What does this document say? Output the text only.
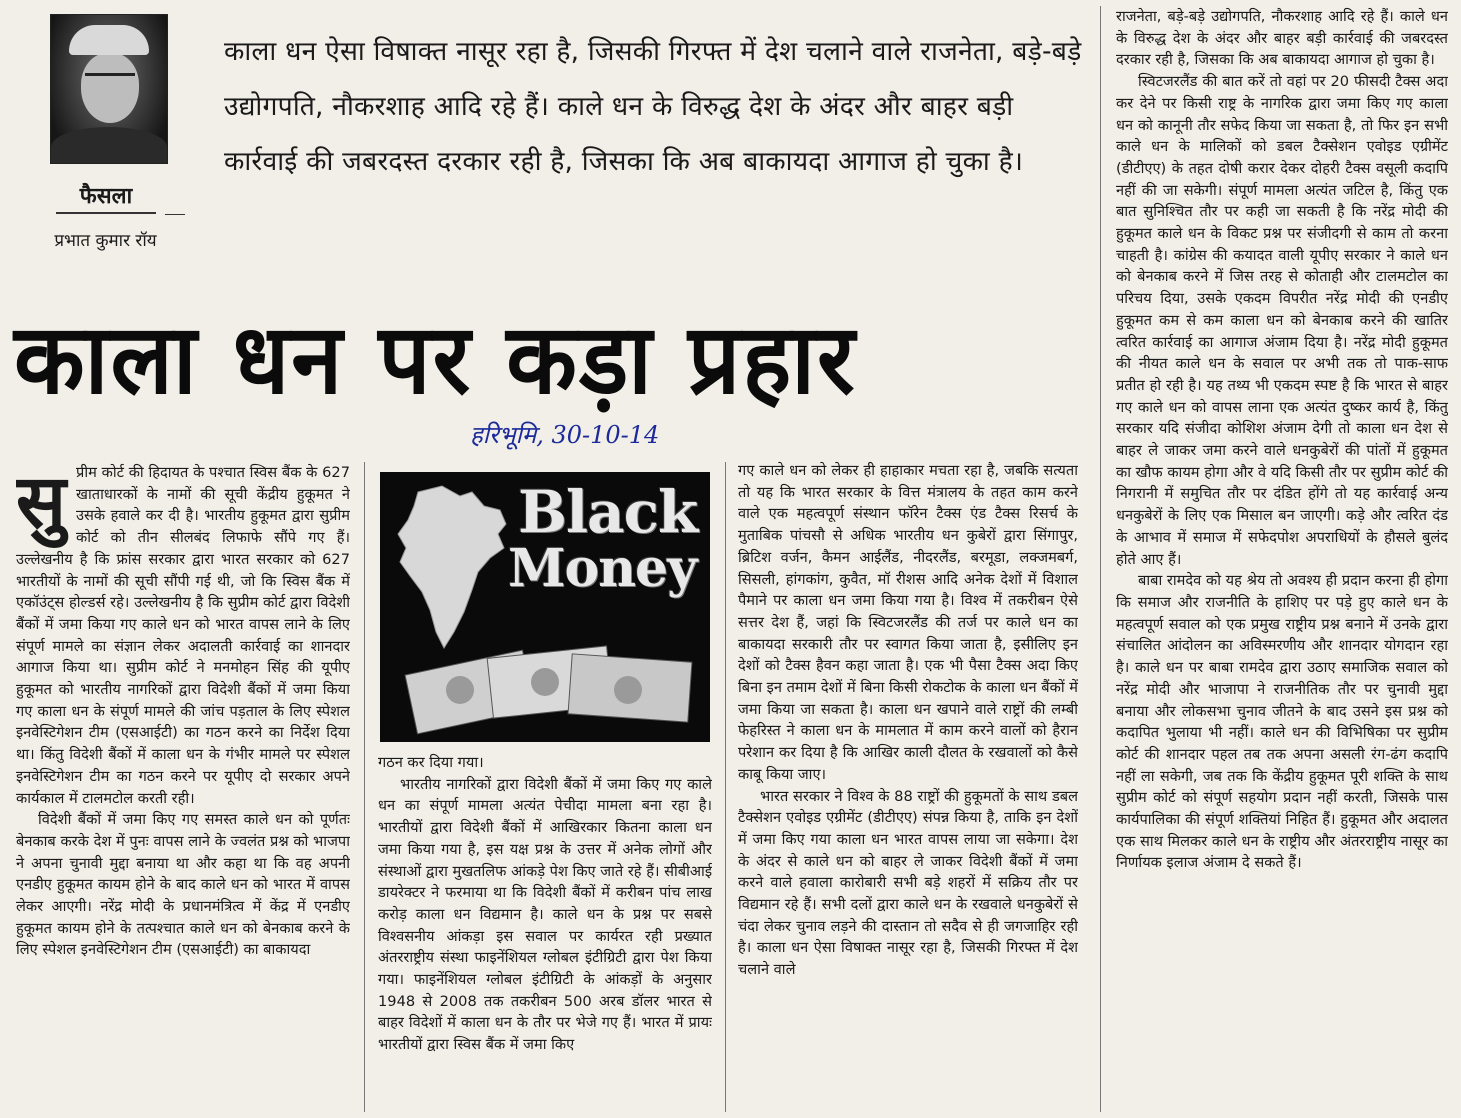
फैसला
प्रभात कुमार रॉय
काला धन ऐसा विषाक्त नासूर रहा है, जिसकी गिरफ्त में देश चलाने वाले राजनेता, बड़े-बड़े उद्योगपति, नौकरशाह आदि रहे हैं। काले धन के विरुद्ध देश के अंदर और बाहर बड़ी कार्रवाई की जबरदस्त दरकार रही है, जिसका कि अब बाकायदा आगाज हो चुका है।
काला धन पर कड़ा प्रहार
हरिभूमि, 30-10-14
Black
Money

सुप्रीम कोर्ट की हिदायत के पश्चात स्विस बैंक के 627 खाताधारकों के नामों की सूची केंद्रीय हुकूमत ने उसके हवाले कर दी है। भारतीय हुकूमत द्वारा सुप्रीम कोर्ट को तीन सीलबंद लिफाफे सौंपे गए हैं। उल्लेखनीय है कि फ्रांस सरकार द्वारा भारत सरकार को 627 भारतीयों के नामों की सूची सौंपी गई थी, जो कि स्विस बैंक में एकॉउंट्स होल्डर्स रहे। उल्लेखनीय है कि सुप्रीम कोर्ट द्वारा विदेशी बैंकों में जमा किया गए काले धन को भारत वापस लाने के लिए संपूर्ण मामले का संज्ञान लेकर अदालती कार्रवाई का शानदार आगाज किया था। सुप्रीम कोर्ट ने मनमोहन सिंह की यूपीए हुकूमत को भारतीय नागरिकों द्वारा विदेशी बैंकों में जमा किया गए काला धन के संपूर्ण मामले की जांच पड़ताल के लिए स्पेशल इनवेस्टिगेशन टीम (एसआईटी) का गठन करने का निर्देश दिया था। किंतु विदेशी बैंकों में काला धन के गंभीर मामले पर स्पेशल इनवेस्टिगेशन टीम का गठन करने पर यूपीए दो सरकार अपने कार्यकाल में टालमटोल करती रही।

विदेशी बैंकों में जमा किए गए समस्त काले धन को पूर्णतः बेनकाब करके देश में पुनः वापस लाने के ज्वलंत प्रश्न को भाजपा ने अपना चुनावी मुद्दा बनाया था और कहा था कि वह अपनी एनडीए हुकूमत कायम होने के बाद काले धन को भारत में वापस लेकर आएगी। नरेंद्र मोदी के प्रधानमंत्रित्व में केंद्र में एनडीए हुकूमत कायम होने के तत्पश्चात काले धन को बेनकाब करने के लिए स्पेशल इनवेस्टिगेशन टीम (एसआईटी) का बाकायदा

गठन कर दिया गया।

भारतीय नागरिकों द्वारा विदेशी बैंकों में जमा किए गए काले धन का संपूर्ण मामला अत्यंत पेचीदा मामला बना रहा है। भारतीयों द्वारा विदेशी बैंकों में आखिरकार कितना काला धन जमा किया गया है, इस यक्ष प्रश्न के उत्तर में अनेक लोगों और संस्थाओं द्वारा मुखतलिफ आंकड़े पेश किए जाते रहे हैं। सीबीआई डायरेक्टर ने फरमाया था कि विदेशी बैंकों में करीबन पांच लाख करोड़ काला धन विद्यमान है। काले धन के प्रश्न पर सबसे विश्वसनीय आंकड़ा इस सवाल पर कार्यरत रही प्रख्यात अंतरराष्ट्रीय संस्था फाइनेंशियल ग्लोबल इंटीग्रिटी द्वारा पेश किया गया। फाइनेंशियल ग्लोबल इंटीग्रिटी के आंकड़ों के अनुसार 1948 से 2008 तक तकरीबन 500 अरब डॉलर भारत से बाहर विदेशों में काला धन के तौर पर भेजे गए हैं। भारत में प्रायः भारतीयों द्वारा स्विस बैंक में जमा किए

गए काले धन को लेकर ही हाहाकार मचता रहा है, जबकि सत्यता तो यह कि भारत सरकार के वित्त मंत्रालय के तहत काम करने वाले एक महत्वपूर्ण संस्थान फॉरेन टैक्स एंड टैक्स रिसर्च के मुताबिक पांचसौ से अधिक भारतीय धन कुबेरों द्वारा सिंगापुर, ब्रिटिश वर्जन, कैमन आईलैंड, नीदरलैंड, बरमूडा, लक्जमबर्ग, सिसली, हांगकांग, कुवैत, मॉ रीशस आदि अनेक देशों में विशाल पैमाने पर काला धन जमा किया गया है। विश्व में तकरीबन ऐसे सत्तर देश हैं, जहां कि स्विटजरलैंड की तर्ज पर काले धन का बाकायदा सरकारी तौर पर स्वागत किया जाता है, इसीलिए इन देशों को टैक्स हैवन कहा जाता है। एक भी पैसा टैक्स अदा किए बिना इन तमाम देशों में बिना किसी रोकटोक के काला धन बैंकों में जमा किया जा सकता है। काला धन खपाने वाले राष्ट्रों की लम्बी फेहरिस्त ने काला धन के मामलात में काम करने वालों को हैरान परेशान कर दिया है कि आखिर काली दौलत के रखवालों को कैसे काबू किया जाए।

भारत सरकार ने विश्व के 88 राष्ट्रों की हुकूमतों के साथ डबल टैक्सेशन एवोइड एग्रीमेंट (डीटीएए) संपन्न किया है, ताकि इन देशों में जमा किए गया काला धन भारत वापस लाया जा सकेगा। देश के अंदर से काले धन को बाहर ले जाकर विदेशी बैंकों में जमा करने वाले हवाला कारोबारी सभी बड़े शहरों में सक्रिय तौर पर विद्यमान रहे हैं। सभी दलों द्वारा काले धन के रखवाले धनकुबेरों से चंदा लेकर चुनाव लड़ने की दास्तान तो सदैव से ही जगजाहिर रही है। काला धन ऐसा विषाक्त नासूर रहा है, जिसकी गिरफ्त में देश चलाने वाले

राजनेता, बड़े-बड़े उद्योगपति, नौकरशाह आदि रहे हैं। काले धन के विरुद्ध देश के अंदर और बाहर बड़ी कार्रवाई की जबरदस्त दरकार रही है, जिसका कि अब बाकायदा आगाज हो चुका है।

स्विटजरलैंड की बात करें तो वहां पर 20 फीसदी टैक्स अदा कर देने पर किसी राष्ट्र के नागरिक द्वारा जमा किए गए काला धन को कानूनी तौर सफेद किया जा सकता है, तो फिर इन सभी काले धन के मालिकों को डबल टैक्सेशन एवोइड एग्रीमेंट (डीटीएए) के तहत दोषी करार देकर दोहरी टैक्स वसूली कदापि नहीं की जा सकेगी। संपूर्ण मामला अत्यंत जटिल है, किंतु एक बात सुनिश्चित तौर पर कही जा सकती है कि नरेंद्र मोदी की हुकूमत काले धन के विकट प्रश्न पर संजीदगी से काम तो करना चाहती है। कांग्रेस की कयादत वाली यूपीए सरकार ने काले धन को बेनकाब करने में जिस तरह से कोताही और टालमटोल का परिचय दिया, उसके एकदम विपरीत नरेंद्र मोदी की एनडीए हुकूमत कम से कम काला धन को बेनकाब करने की खातिर त्वरित कार्रवाई का आगाज अंजाम दिया है। नरेंद्र मोदी हुकूमत की नीयत काले धन के सवाल पर अभी तक तो पाक-साफ प्रतीत हो रही है। यह तथ्य भी एकदम स्पष्ट है कि भारत से बाहर गए काले धन को वापस लाना एक अत्यंत दुष्कर कार्य है, किंतु सरकार यदि संजीदा कोशिश अंजाम देगी तो काला धन देश से बाहर ले जाकर जमा करने वाले धनकुबेरों की पांतों में हुकूमत का खौफ कायम होगा और वे यदि किसी तौर पर सुप्रीम कोर्ट की निगरानी में समुचित तौर पर दंडित होंगे तो यह कार्रवाई अन्य धनकुबेरों के लिए एक मिसाल बन जाएगी। कड़े और त्वरित दंड के आभाव में समाज में सफेदपोश अपराधियों के हौसले बुलंद होते आए हैं।

बाबा रामदेव को यह श्रेय तो अवश्य ही प्रदान करना ही होगा कि समाज और राजनीति के हाशिए पर पड़े हुए काले धन के महत्वपूर्ण सवाल को एक प्रमुख राष्ट्रीय प्रश्न बनाने में उनके द्वारा संचालित आंदोलन का अविस्मरणीय और शानदार योगदान रहा है। काले धन पर बाबा रामदेव द्वारा उठाए समाजिक सवाल को नरेंद्र मोदी और भाजापा ने राजनीतिक तौर पर चुनावी मुद्दा बनाया और लोकसभा चुनाव जीतने के बाद उसने इस प्रश्न को कदापित भुलाया भी नहीं। काले धन की विभिषिका पर सुप्रीम कोर्ट की शानदार पहल तब तक अपना असली रंग-ढंग कदापि नहीं ला सकेगी, जब तक कि केंद्रीय हुकूमत पूरी शक्ति के साथ सुप्रीम कोर्ट को संपूर्ण सहयोग प्रदान नहीं करती, जिसके पास कार्यपालिका की संपूर्ण शक्तियां निहित हैं। हुकूमत और अदालत एक साथ मिलकर काले धन के राष्ट्रीय और अंतरराष्ट्रीय नासूर का निर्णायक इलाज अंजाम दे सकते हैं।
